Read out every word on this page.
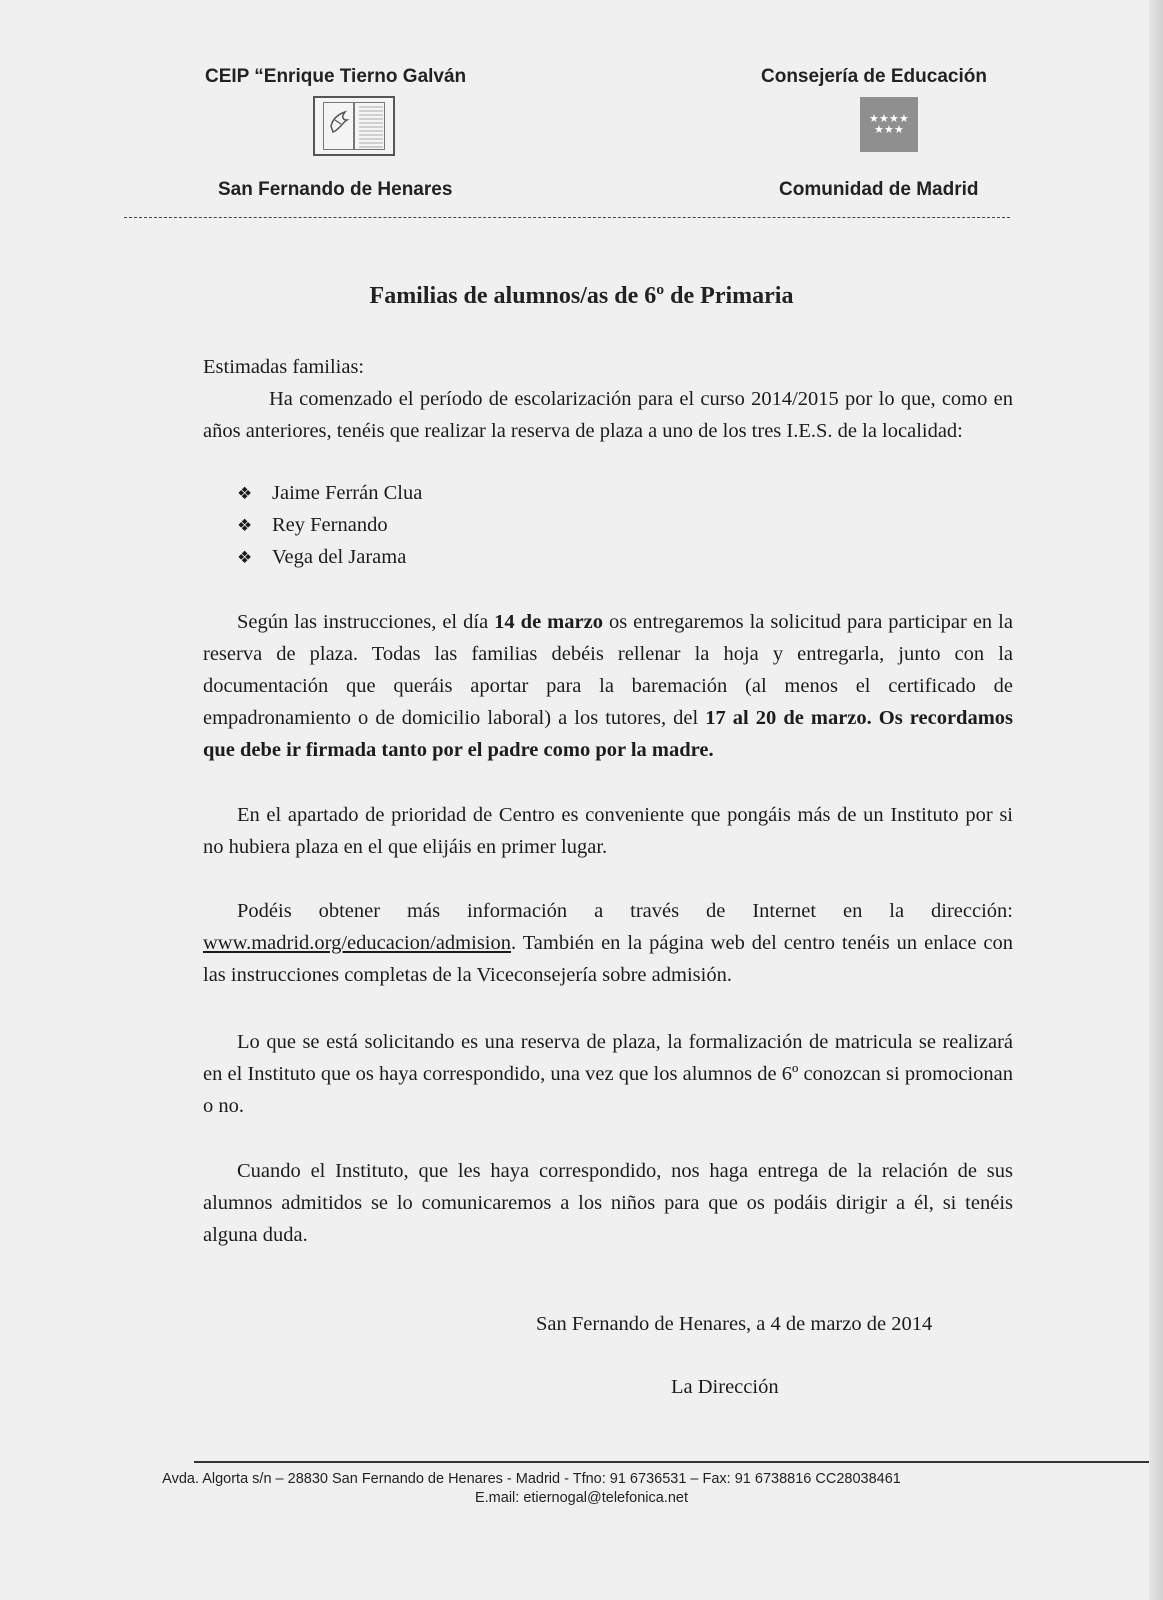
CEIP “Enrique Tierno Galván
San Fernando de Henares
Consejería de Educación
★ ★ ★ ★
★ ★ ★
Comunidad de Madrid
Familias de alumnos/as de 6º de Primaria
Estimadas familias:
Ha comenzado el período de escolarización para el curso 2014/2015 por lo que, como en años anteriores, tenéis que realizar la reserva de plaza a uno de los tres I.E.S. de la localidad:
❖ Jaime Ferrán Clua
❖ Rey Fernando
❖ Vega del Jarama
Según las instrucciones, el día 14 de marzo os entregaremos la solicitud para participar en la reserva de plaza. Todas las familias debéis rellenar la hoja y entregarla, junto con la documentación que queráis aportar para la baremación (al menos el certificado de empadronamiento o de domicilio laboral) a los tutores, del 17 al 20 de marzo. Os recordamos que debe ir firmada tanto por el padre como por la madre.
En el apartado de prioridad de Centro es conveniente que pongáis más de un Instituto por si no hubiera plaza en el que elijáis en primer lugar.
Podéis obtener más información a través de Internet en la dirección: www.madrid.org/educacion/admision. También en la página web del centro tenéis un enlace con las instrucciones completas de la Viceconsejería sobre admisión.
Lo que se está solicitando es una reserva de plaza, la formalización de matricula se realizará en el Instituto que os haya correspondido, una vez que los alumnos de 6º conozcan si promocionan o no.
Cuando el Instituto, que les haya correspondido, nos haga entrega de la relación de sus alumnos admitidos se lo comunicaremos a los niños para que os podáis dirigir a él, si tenéis alguna duda.
San Fernando de Henares, a 4 de marzo de 2014
La Dirección
Avda. Algorta s/n – 28830 San Fernando de Henares - Madrid - Tfno: 91 6736531 – Fax: 91 6738816 CC28038461
E.mail: etiernogal@telefonica.net
